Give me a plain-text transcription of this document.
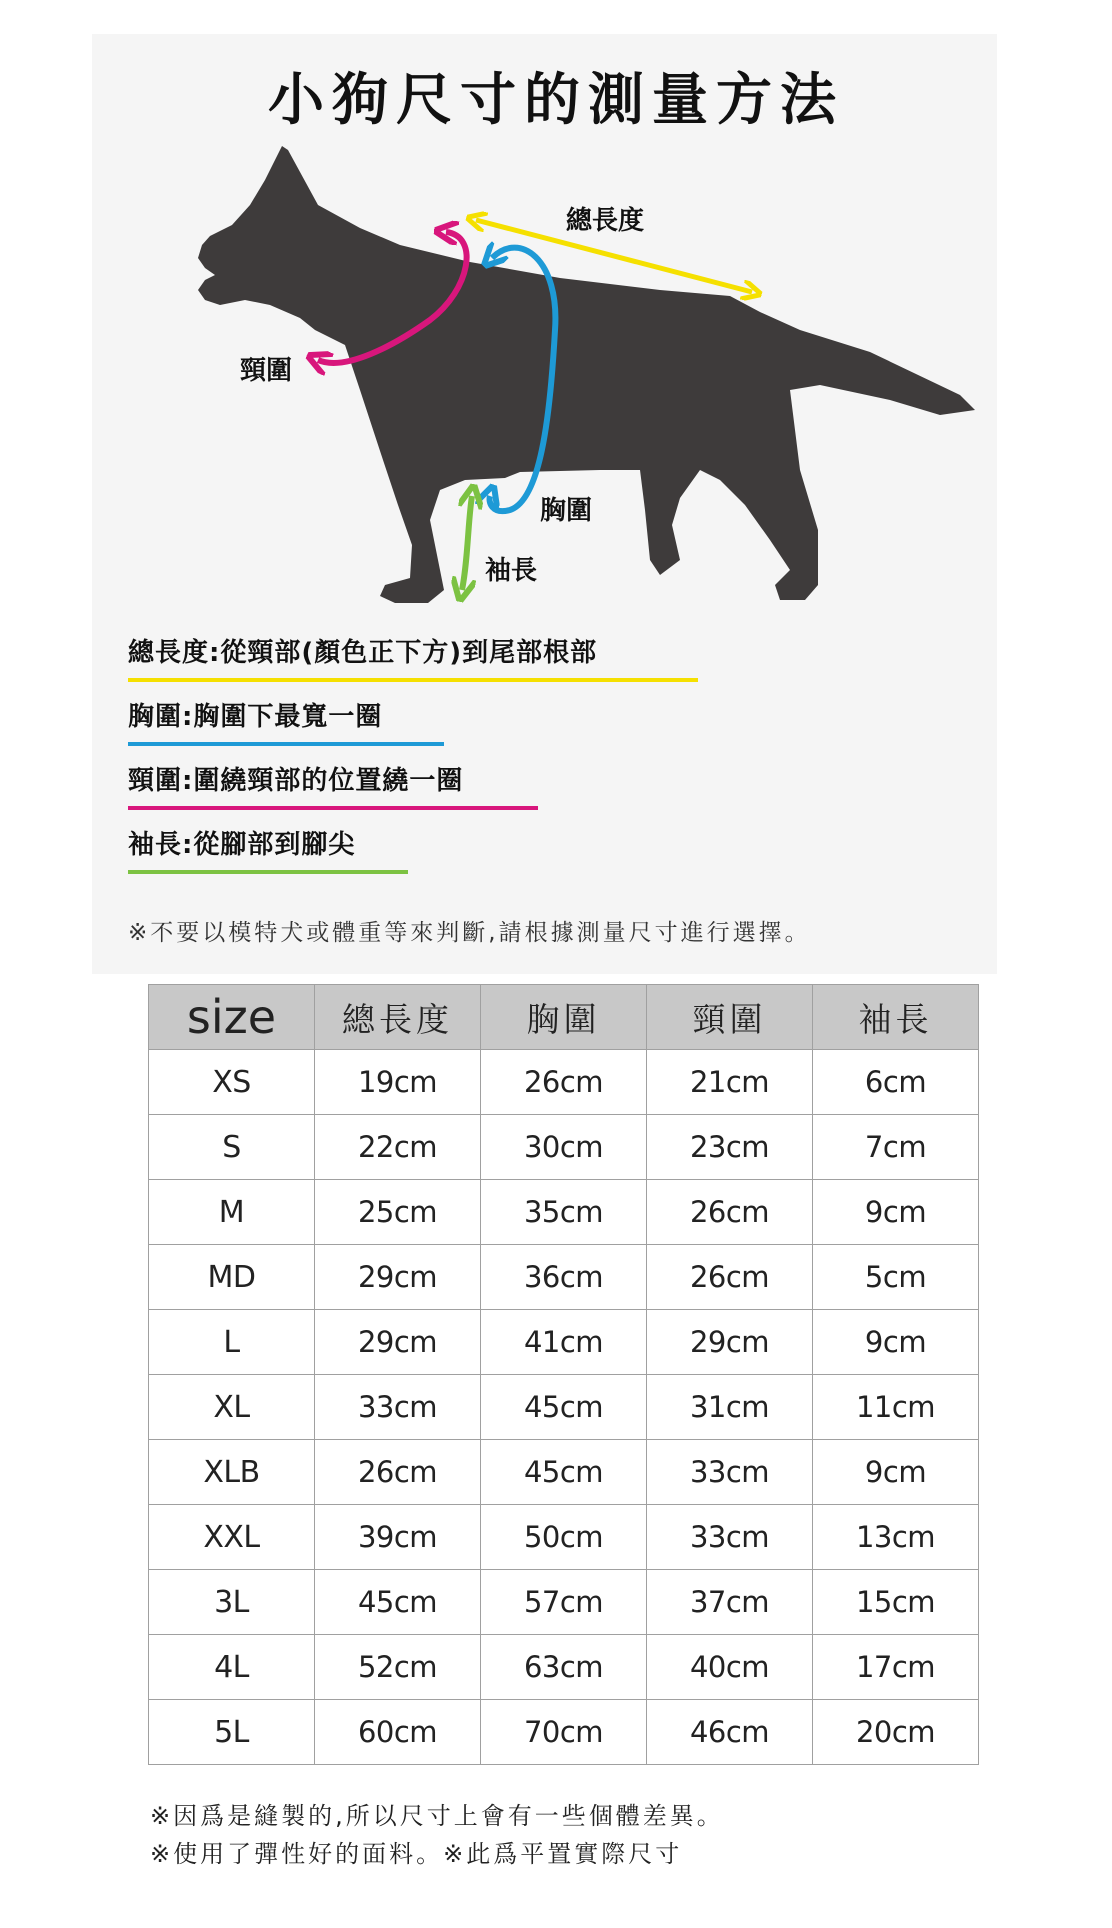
小狗尺寸的測量方法
總長度
頸圍
胸圍
袖長
總長度:從頸部(顏色正下方)到尾部根部
胸圍:胸圍下最寬一圈
頸圍:圍繞頸部的位置繞一圈
袖長:從腳部到腳尖
※不要以模特犬或體重等來判斷,請根據測量尺寸進行選擇。
size	總長度	胸圍	頸圍	袖長
XS	19cm	26cm	21cm	6cm
S	22cm	30cm	23cm	7cm
M	25cm	35cm	26cm	9cm
MD	29cm	36cm	26cm	5cm
L	29cm	41cm	29cm	9cm
XL	33cm	45cm	31cm	11cm
XLB	26cm	45cm	33cm	9cm
XXL	39cm	50cm	33cm	13cm
3L	45cm	57cm	37cm	15cm
4L	52cm	63cm	40cm	17cm
5L	60cm	70cm	46cm	20cm
※因爲是縫製的,所以尺寸上會有一些個體差異。
※使用了彈性好的面料。※此爲平置實際尺寸
